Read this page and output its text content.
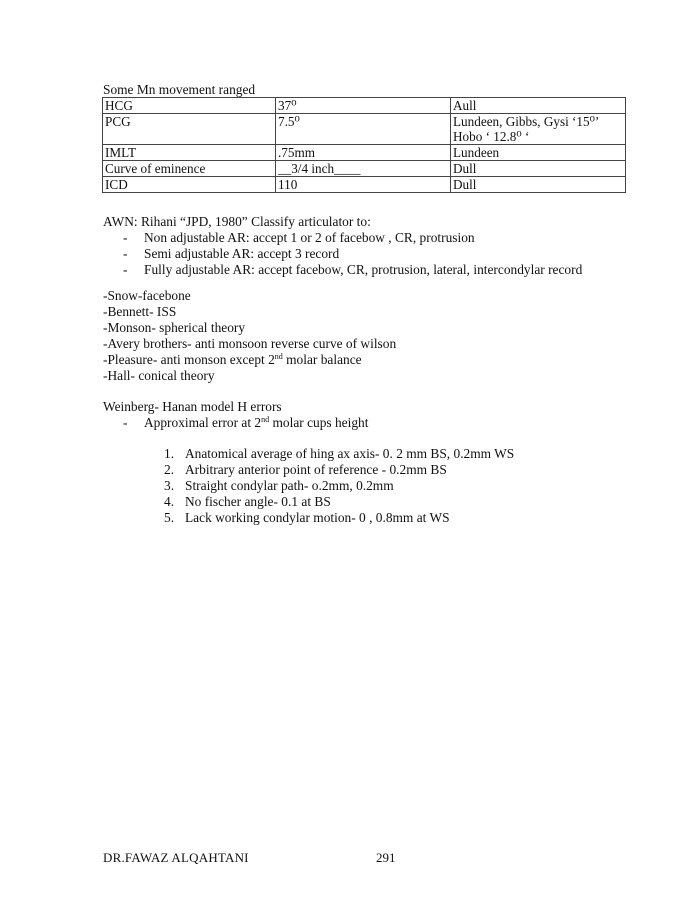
Some Mn movement ranged
HCG	37⁰	Aull
PCG	7.5⁰	Lundeen, Gibbs, Gysi ‘15⁰’
Hobo ‘ 12.8⁰ ‘

IMLT	.75mm	Lundeen
Curve of eminence	__3/4 inch____	Dull
ICD	110	Dull
AWN: Rihani “JPD, 1980” Classify articulator to:
- Non adjustable AR: accept 1 or 2 of facebow , CR, protrusion
- Semi adjustable AR: accept 3 record
- Fully adjustable AR: accept facebow, CR, protrusion, lateral, intercondylar record
-Snow-facebone
-Bennett- ISS
-Monson- spherical theory
-Avery brothers- anti monsoon reverse curve of wilson
-Pleasure- anti monson except 2nd molar balance
-Hall- conical theory
Weinberg- Hanan model H errors
- Approximal error at 2nd molar cups height
1. Anatomical average of hing ax axis- 0. 2 mm BS, 0.2mm WS
2. Arbitrary anterior point of reference - 0.2mm BS
3. Straight condylar path- o.2mm, 0.2mm
4. No fischer angle- 0.1 at BS
5. Lack working condylar motion- 0 , 0.8mm at WS
DR.FAWAZ ALQAHTANI	291
